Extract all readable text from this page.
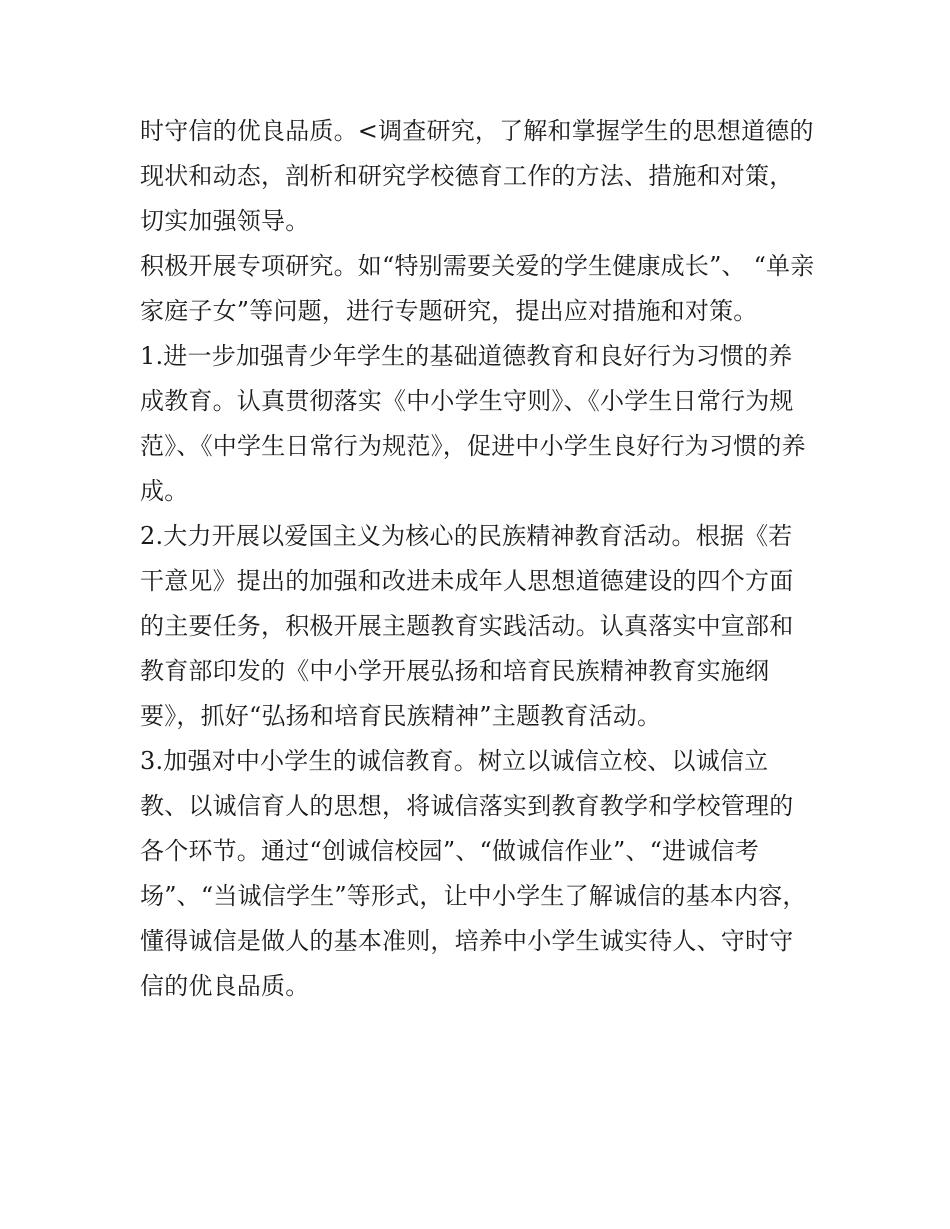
时守信的优良品质。<调查研究，了解和掌握学生的思想道德的现状和动态，剖析和研究学校德育工作的方法、措施和对策，切实加强领导。

积极开展专项研究。如“特别需要关爱的学生健康成长”、 “单亲家庭子女”等问题，进行专题研究，提出应对措施和对策。

1.进一步加强青少年学生的基础道德教育和良好行为习惯的养成教育。认真贯彻落实《中小学生守则》、《小学生日常行为规范》、《中学生日常行为规范》，促进中小学生良好行为习惯的养成。

2.大力开展以爱国主义为核心的民族精神教育活动。根据《若干意见》提出的加强和改进未成年人思想道德建设的四个方面的主要任务，积极开展主题教育实践活动。认真落实中宣部和教育部印发的《中小学开展弘扬和培育民族精神教育实施纲要》，抓好“弘扬和培育民族精神”主题教育活动。

3.加强对中小学生的诚信教育。树立以诚信立校、以诚信立教、以诚信育人的思想，将诚信落实到教育教学和学校管理的各个环节。通过“创诚信校园”、“做诚信作业”、“进诚信考场”、“当诚信学生”等形式，让中小学生了解诚信的基本内容，懂得诚信是做人的基本准则，培养中小学生诚实待人、守时守信的优良品质。
